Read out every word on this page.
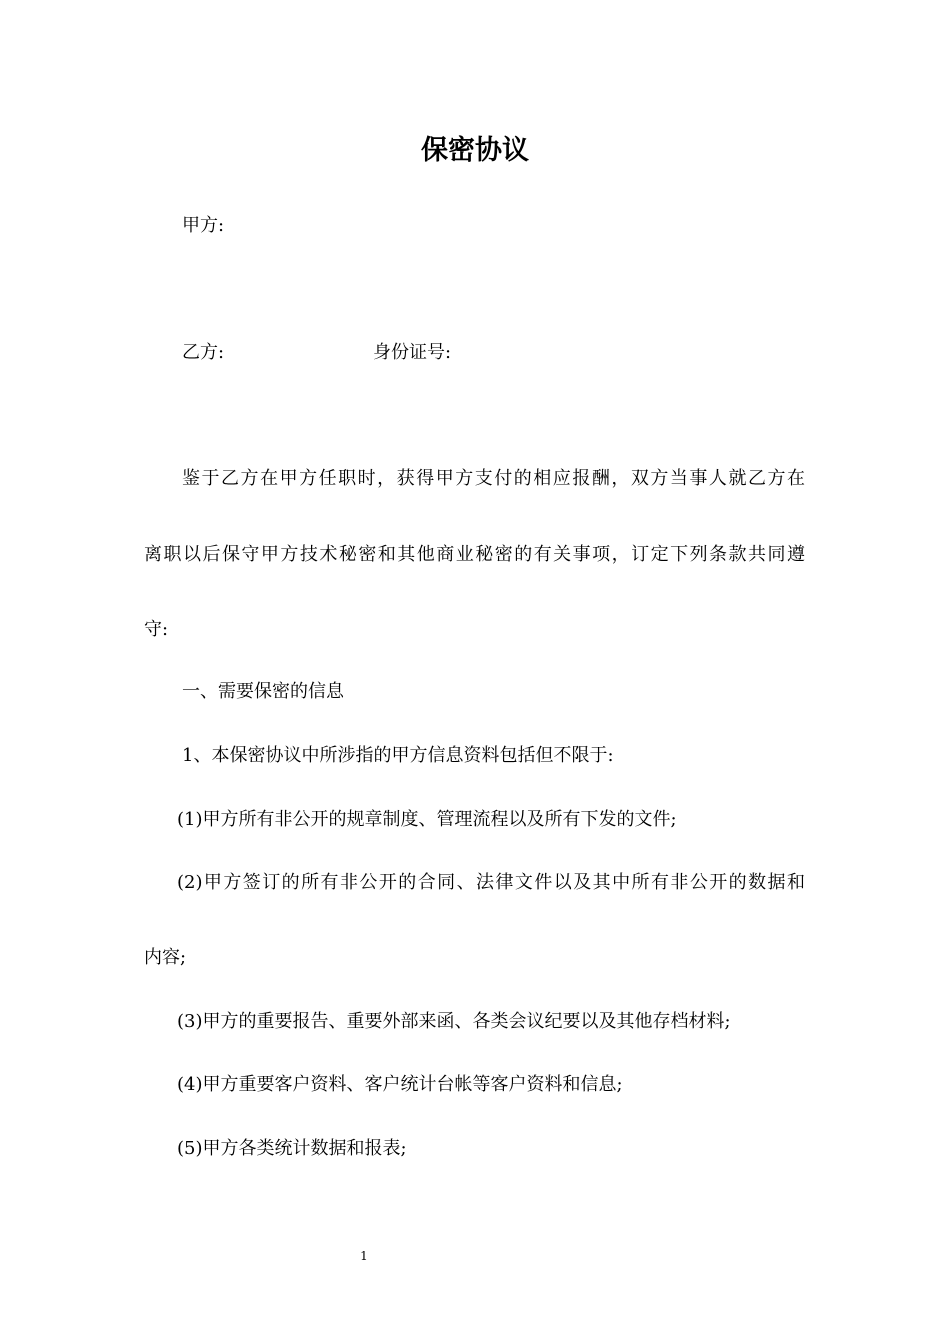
保密协议
甲方:
乙方:	身份证号:
鉴于乙方在甲方任职时，获得甲方支付的相应报酬，双方当事人就乙方在
离职以后保守甲方技术秘密和其他商业秘密的有关事项，订定下列条款共同遵
守:
一、需要保密的信息
1、本保密协议中所涉指的甲方信息资料包括但不限于:
(1)甲方所有非公开的规章制度、管理流程以及所有下发的文件;
(2)甲方签订的所有非公开的合同、法律文件以及其中所有非公开的数据和
内容;
(3)甲方的重要报告、重要外部来函、各类会议纪要以及其他存档材料;
(4)甲方重要客户资料、客户统计台帐等客户资料和信息;
(5)甲方各类统计数据和报表;
1
